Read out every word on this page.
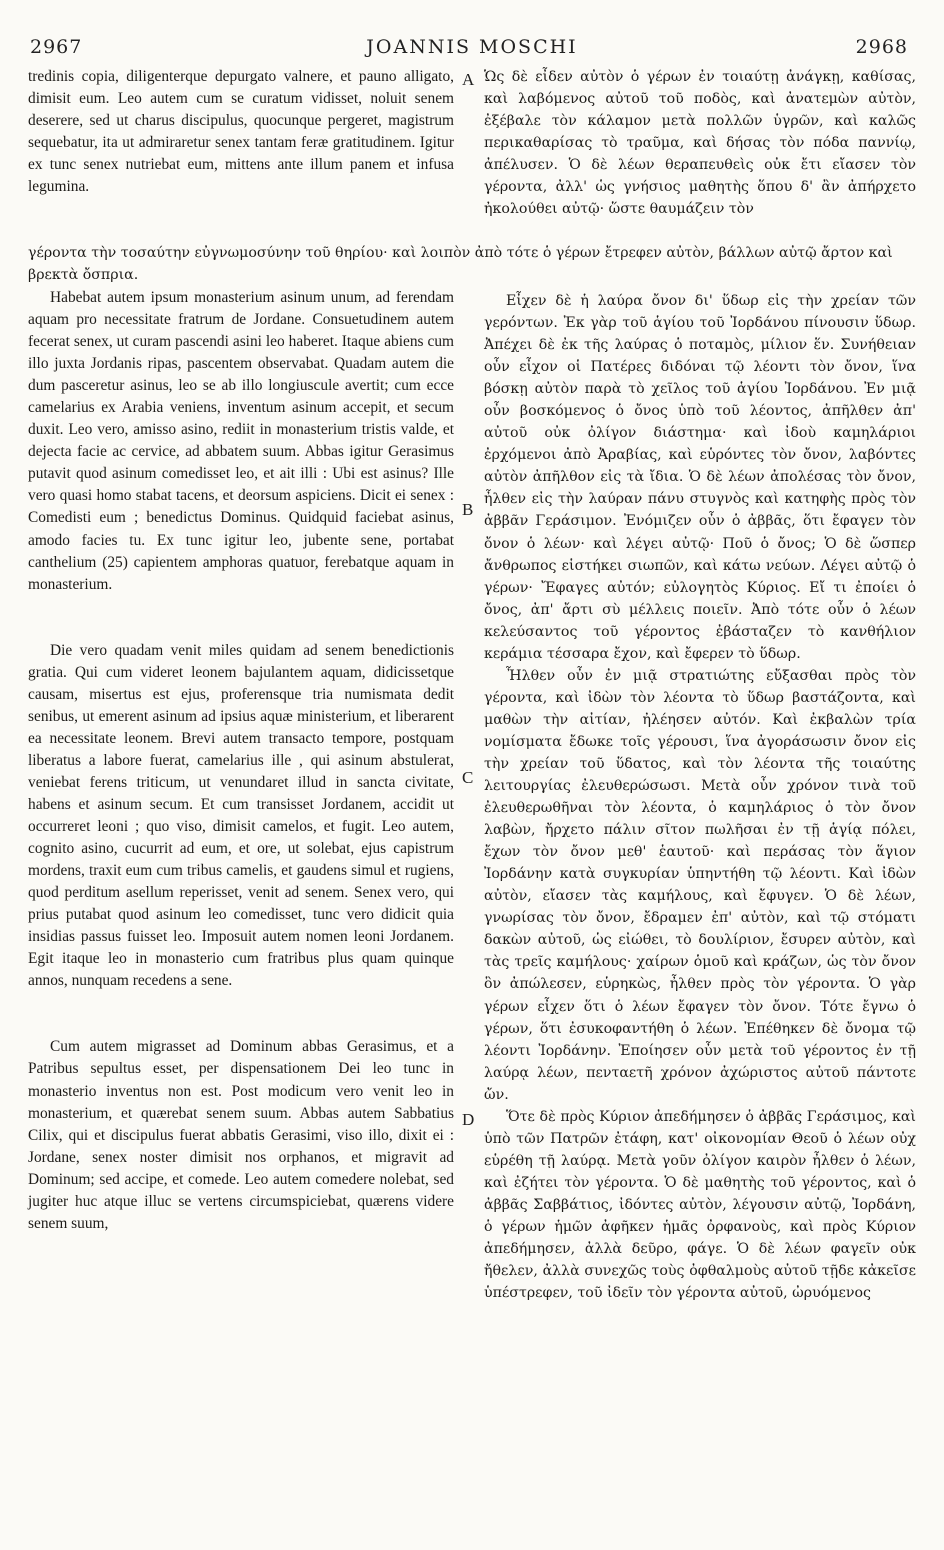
2967	JOANNIS MOSCHI	2968

tredinis copia, diligenterque depurgato valnere, et pauno alligato, dimisit eum. Leo autem cum se curatum vidisset, noluit senem deserere, sed ut charus discipulus, quocunque pergeret, magistrum sequebatur, ita ut admiraretur senex tantam feræ gratitudinem. Igitur ex tunc senex nutriebat eum, mittens ante illum panem et infusa legumina.

Ὡς δὲ εἶδεν αὐτὸν ὁ γέρων ἐν τοιαύτῃ ἀνάγκῃ, καθίσας, καὶ λαβόμενος αὐτοῦ τοῦ ποδὸς, καὶ ἀνατεμὼν αὐτὸν, ἐξέβαλε τὸν κάλαμον μετὰ πολλῶν ὑγρῶν, καὶ καλῶς περικαθαρίσας τὸ τραῦμα, καὶ δήσας τὸν πόδα παννίῳ, ἀπέλυσεν. Ὁ δὲ λέων θεραπευθεὶς οὐκ ἔτι εἴασεν τὸν γέροντα, ἀλλ' ὡς γνήσιος μαθητὴς ὅπου δ' ἂν ἀπήρχετο ἠκολούθει αὐτῷ· ὥστε θαυμάζειν τὸν

γέροντα τὴν τοσαύτην εὐγνωμοσύνην τοῦ θηρίου· καὶ λοιπὸν ἀπὸ τότε ὁ γέρων ἔτρεφεν αὐτὸν, βάλλων αὐτῷ ἄρτον καὶ βρεκτὰ ὄσπρια.

Habebat autem ipsum monasterium asinum unum, ad ferendam aquam pro necessitate fratrum de Jordane. Consuetudinem autem fecerat senex, ut curam pascendi asini leo haberet. Itaque abiens cum illo juxta Jordanis ripas, pascentem observabat. Quadam autem die dum pasceretur asinus, leo se ab illo longiuscule avertit; cum ecce camelarius ex Arabia veniens, inventum asinum accepit, et secum duxit. Leo vero, amisso asino, rediit in monasterium tristis valde, et dejecta facie ac cervice, ad abbatem suum. Abbas igitur Gerasimus putavit quod asinum comedisset leo, et ait illi : Ubi est asinus? Ille vero quasi homo stabat tacens, et deorsum aspiciens. Dicit ei senex : Comedisti eum ; benedictus Dominus. Quidquid faciebat asinus, amodo facies tu. Ex tunc igitur leo, jubente sene, portabat canthelium (25) capientem amphoras quatuor, ferebatque aquam in monasterium.

Die vero quadam venit miles quidam ad senem benedictionis gratia. Qui cum videret leonem bajulantem aquam, didicissetque causam, misertus est ejus, proferensque tria numismata dedit senibus, ut emerent asinum ad ipsius aquæ ministerium, et liberarent ea necessitate leonem. Brevi autem transacto tempore, postquam liberatus a labore fuerat, camelarius ille , qui asinum abstulerat, veniebat ferens triticum, ut venundaret illud in sancta civitate, habens et asinum secum. Et cum transisset Jordanem, accidit ut occurreret leoni ; quo viso, dimisit camelos, et fugit. Leo autem, cognito asino, cucurrit ad eum, et ore, ut solebat, ejus capistrum mordens, traxit eum cum tribus camelis, et gaudens simul et rugiens, quod perditum asellum reperisset, venit ad senem. Senex vero, qui prius putabat quod asinum leo comedisset, tunc vero didicit quia insidias passus fuisset leo. Imposuit autem nomen leoni Jordanem. Egit itaque leo in monasterio cum fratribus plus quam quinque annos, nunquam recedens a sene.

Cum autem migrasset ad Dominum abbas Gerasimus, et a Patribus sepultus esset, per dispensationem Dei leo tunc in monasterio inventus non est. Post modicum vero venit leo in monasterium, et quærebat senem suum. Abbas autem Sabbatius Cilix, qui et discipulus fuerat abbatis Gerasimi, viso illo, dixit ei : Jordane, senex noster dimisit nos orphanos, et migravit ad Dominum; sed accipe, et comede. Leo autem comedere nolebat, sed jugiter huc atque illuc se vertens circumspiciebat, quærens videre senem suum,

Εἶχεν δὲ ἡ λαύρα ὄνον δι' ὕδωρ εἰς τὴν χρείαν τῶν γερόντων. Ἐκ γὰρ τοῦ ἁγίου τοῦ Ἰορδάνου πίνουσιν ὕδωρ. Ἀπέχει δὲ ἐκ τῆς λαύρας ὁ ποταμὸς, μίλιον ἕν. Συνήθειαν οὖν εἶχον οἱ Πατέρες διδόναι τῷ λέοντι τὸν ὄνον, ἵνα βόσκῃ αὐτὸν παρὰ τὸ χεῖλος τοῦ ἁγίου Ἰορδάνου. Ἐν μιᾷ οὖν βοσκόμενος ὁ ὄνος ὑπὸ τοῦ λέοντος, ἀπῆλθεν ἀπ' αὐτοῦ οὐκ ὀλίγον διάστημα· καὶ ἰδοὺ καμηλάριοι ἐρχόμενοι ἀπὸ Ἀραβίας, καὶ εὑρόντες τὸν ὄνον, λαβόντες αὐτὸν ἀπῆλθον εἰς τὰ ἴδια. Ὁ δὲ λέων ἀπολέσας τὸν ὄνον, ἦλθεν εἰς τὴν λαύραν πάνυ στυγνὸς καὶ κατηφὴς πρὸς τὸν ἀββᾶν Γεράσιμον. Ἐνόμιζεν οὖν ὁ ἀββᾶς, ὅτι ἔφαγεν τὸν ὄνον ὁ λέων· καὶ λέγει αὐτῷ· Ποῦ ὁ ὄνος; Ὁ δὲ ὥσπερ ἄνθρωπος εἱστήκει σιωπῶν, καὶ κάτω νεύων. Λέγει αὐτῷ ὁ γέρων· Ἔφαγες αὐτόν; εὐλογητὸς Κύριος. Εἴ τι ἐποίει ὁ ὄνος, ἀπ' ἄρτι σὺ μέλλεις ποιεῖν. Ἀπὸ τότε οὖν ὁ λέων κελεύσαντος τοῦ γέροντος ἐβάσταζεν τὸ κανθήλιον κεράμια τέσσαρα ἔχον, καὶ ἔφερεν τὸ ὕδωρ.

Ἦλθεν οὖν ἐν μιᾷ στρατιώτης εὔξασθαι πρὸς τὸν γέροντα, καὶ ἰδὼν τὸν λέοντα τὸ ὕδωρ βαστάζοντα, καὶ μαθὼν τὴν αἰτίαν, ἠλέησεν αὐτόν. Καὶ ἐκβαλὼν τρία νομίσματα ἔδωκε τοῖς γέρουσι, ἵνα ἀγοράσωσιν ὄνον εἰς τὴν χρείαν τοῦ ὕδατος, καὶ τὸν λέοντα τῆς τοιαύτης λειτουργίας ἐλευθερώσωσι. Μετὰ οὖν χρόνον τινὰ τοῦ ἐλευθερωθῆναι τὸν λέοντα, ὁ καμηλάριος ὁ τὸν ὄνον λαβὼν, ἤρχετο πάλιν σῖτον πωλῆσαι ἐν τῇ ἁγίᾳ πόλει, ἔχων τὸν ὄνον μεθ' ἑαυτοῦ· καὶ περάσας τὸν ἅγιον Ἰορδάνην κατὰ συγκυρίαν ὑπηντήθη τῷ λέοντι. Καὶ ἰδὼν αὐτὸν, εἴασεν τὰς καμήλους, καὶ ἔφυγεν. Ὁ δὲ λέων, γνωρίσας τὸν ὄνον, ἔδραμεν ἐπ' αὐτὸν, καὶ τῷ στόματι δακὼν αὐτοῦ, ὡς εἰώθει, τὸ δουλίριον, ἔσυρεν αὐτὸν, καὶ τὰς τρεῖς καμήλους· χαίρων ὁμοῦ καὶ κράζων, ὡς τὸν ὄνον ὃν ἀπώλεσεν, εὑρηκὼς, ἦλθεν πρὸς τὸν γέροντα. Ὁ γὰρ γέρων εἶχεν ὅτι ὁ λέων ἔφαγεν τὸν ὄνον. Τότε ἔγνω ὁ γέρων, ὅτι ἐσυκοφαντήθη ὁ λέων. Ἐπέθηκεν δὲ ὄνομα τῷ λέοντι Ἰορδάνην. Ἐποίησεν οὖν μετὰ τοῦ γέροντος ἐν τῇ λαύρᾳ λέων, πενταετῆ χρόνον ἀχώριστος αὐτοῦ πάντοτε ὤν.

Ὅτε δὲ πρὸς Κύριον ἀπεδήμησεν ὁ ἀββᾶς Γεράσιμος, καὶ ὑπὸ τῶν Πατρῶν ἐτάφη, κατ' οἰκονομίαν Θεοῦ ὁ λέων οὐχ εὑρέθη τῇ λαύρᾳ. Μετὰ γοῦν ὀλίγον καιρὸν ἦλθεν ὁ λέων, καὶ ἐζήτει τὸν γέροντα. Ὁ δὲ μαθητὴς τοῦ γέροντος, καὶ ὁ ἀββᾶς Σαββάτιος, ἰδόντες αὐτὸν, λέγουσιν αὐτῷ, Ἰορδάνη, ὁ γέρων ἡμῶν ἀφῆκεν ἡμᾶς ὀρφανοὺς, καὶ πρὸς Κύριον ἀπεδήμησεν, ἀλλὰ δεῦρο, φάγε. Ὁ δὲ λέων φαγεῖν οὐκ ἤθελεν, ἀλλὰ συνεχῶς τοὺς ὀφθαλμοὺς αὐτοῦ τῇδε κἀκεῖσε ὑπέστρεφεν, τοῦ ἰδεῖν τὸν γέροντα αὐτοῦ, ὠρυόμενος

A
B
C
D
